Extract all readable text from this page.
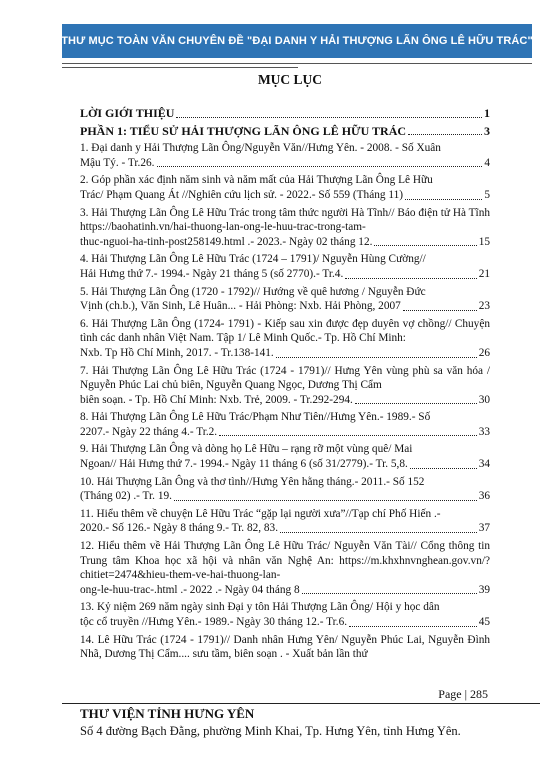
THƯ MỤC TOÀN VĂN CHUYÊN ĐỀ "ĐẠI DANH Y HẢI THƯỢNG LÃN ÔNG LÊ HỮU TRÁC"
MỤC LỤC
LỜI GIỚI THIỆU	1
PHẦN 1: TIỂU SỬ HẢI THƯỢNG LÃN ÔNG LÊ HỮU TRÁC	3
1. Đại danh y Hải Thượng Lãn Ông/Nguyễn Văn//Hưng Yên. - 2008. - Số Xuân
Mậu Tý. - Tr.26.	4
2. Góp phần xác định năm sinh và năm mất của Hải Thượng Lãn Ông Lê Hữu
Trác/ Phạm Quang Át //Nghiên cứu lịch sử. - 2022.- Số 559 (Tháng 11)	5
3. Hải Thượng Lãn Ông Lê Hữu Trác trong tâm thức người Hà Tĩnh// Báo điện tử Hà Tĩnh https://baohatinh.vn/hai-thuong-lan-ong-le-huu-trac-trong-tam-
thuc-nguoi-ha-tinh-post258149.html .- 2023.- Ngày 02 tháng 12.	15
4. Hải Thượng Lãn Ông Lê Hữu Trác (1724 – 1791)/ Nguyễn Hùng Cường//
Hải Hưng thứ 7.- 1994.- Ngày 21 tháng 5 (số 2770).- Tr.4.	21
5. Hải Thượng Lãn Ông (1720 - 1792)// Hướng về quê hương / Nguyễn Đức
Vịnh (ch.b.), Văn Sinh, Lê Huân... - Hải Phòng: Nxb. Hải Phòng, 2007	23
6. Hải Thượng Lãn Ông (1724- 1791) - Kiếp sau xin được đẹp duyên vợ chồng// Chuyện tình các danh nhân Việt Nam. Tập 1/ Lê Minh Quốc.- Tp. Hồ Chí Minh:
Nxb. Tp Hồ Chí Minh, 2017. - Tr.138-141.	26
7. Hải Thượng Lãn Ông Lê Hữu Trác (1724 - 1791)// Hưng Yên vùng phù sa văn hóa / Nguyễn Phúc Lai chủ biên, Nguyễn Quang Ngọc, Dương Thị Cẩm
biên soạn. - Tp. Hồ Chí Minh: Nxb. Trẻ, 2009. - Tr.292-294.	30
8. Hải Thượng Lãn Ông Lê Hữu Trác/Phạm Như Tiên//Hưng Yên.- 1989.- Số
2207.- Ngày 22 tháng 4.- Tr.2.	33
9. Hải Thượng Lãn Ông và dòng họ Lê Hữu – rạng rỡ một vùng quê/ Mai
Ngoan// Hải Hưng thứ 7.- 1994.- Ngày 11 tháng 6 (số 31/2779).- Tr. 5,8.	34
10. Hải Thượng Lãn Ông và thơ tình//Hưng Yên hằng tháng.- 2011.- Số 152
(Tháng 02) .- Tr. 19.	36
11. Hiểu thêm về chuyện Lê Hữu Trác “gặp lại người xưa”//Tạp chí Phố Hiến .-
2020.- Số 126.- Ngày 8 tháng 9.- Tr. 82, 83.	37
12. Hiểu thêm về Hải Thượng Lãn Ông Lê Hữu Trác/ Nguyễn Văn Tài// Cổng thông tin Trung tâm Khoa học xã hội và nhân văn Nghệ An: https://m.khxhnvnghean.gov.vn/?chitiet=2474&hieu-them-ve-hai-thuong-lan-
ong-le-huu-trac-.html .- 2022 .- Ngày 04 tháng 8	39
13. Kỷ niệm 269 năm ngày sinh Đại y tôn Hải Thượng Lãn Ông/ Hội y học dân
tộc cổ truyền //Hưng Yên.- 1989.- Ngày 30 tháng 12.- Tr.6.	45
14. Lê Hữu Trác (1724 - 1791)// Danh nhân Hưng Yên/ Nguyễn Phúc Lai, Nguyễn Đình Nhã, Dương Thị Cẩm.... sưu tầm, biên soạn . - Xuất bản lần thứ
Page | 285
THƯ VIỆN TỈNH HƯNG YÊN
Số 4 đường Bạch Đằng, phường Minh Khai, Tp. Hưng Yên, tỉnh Hưng Yên.
